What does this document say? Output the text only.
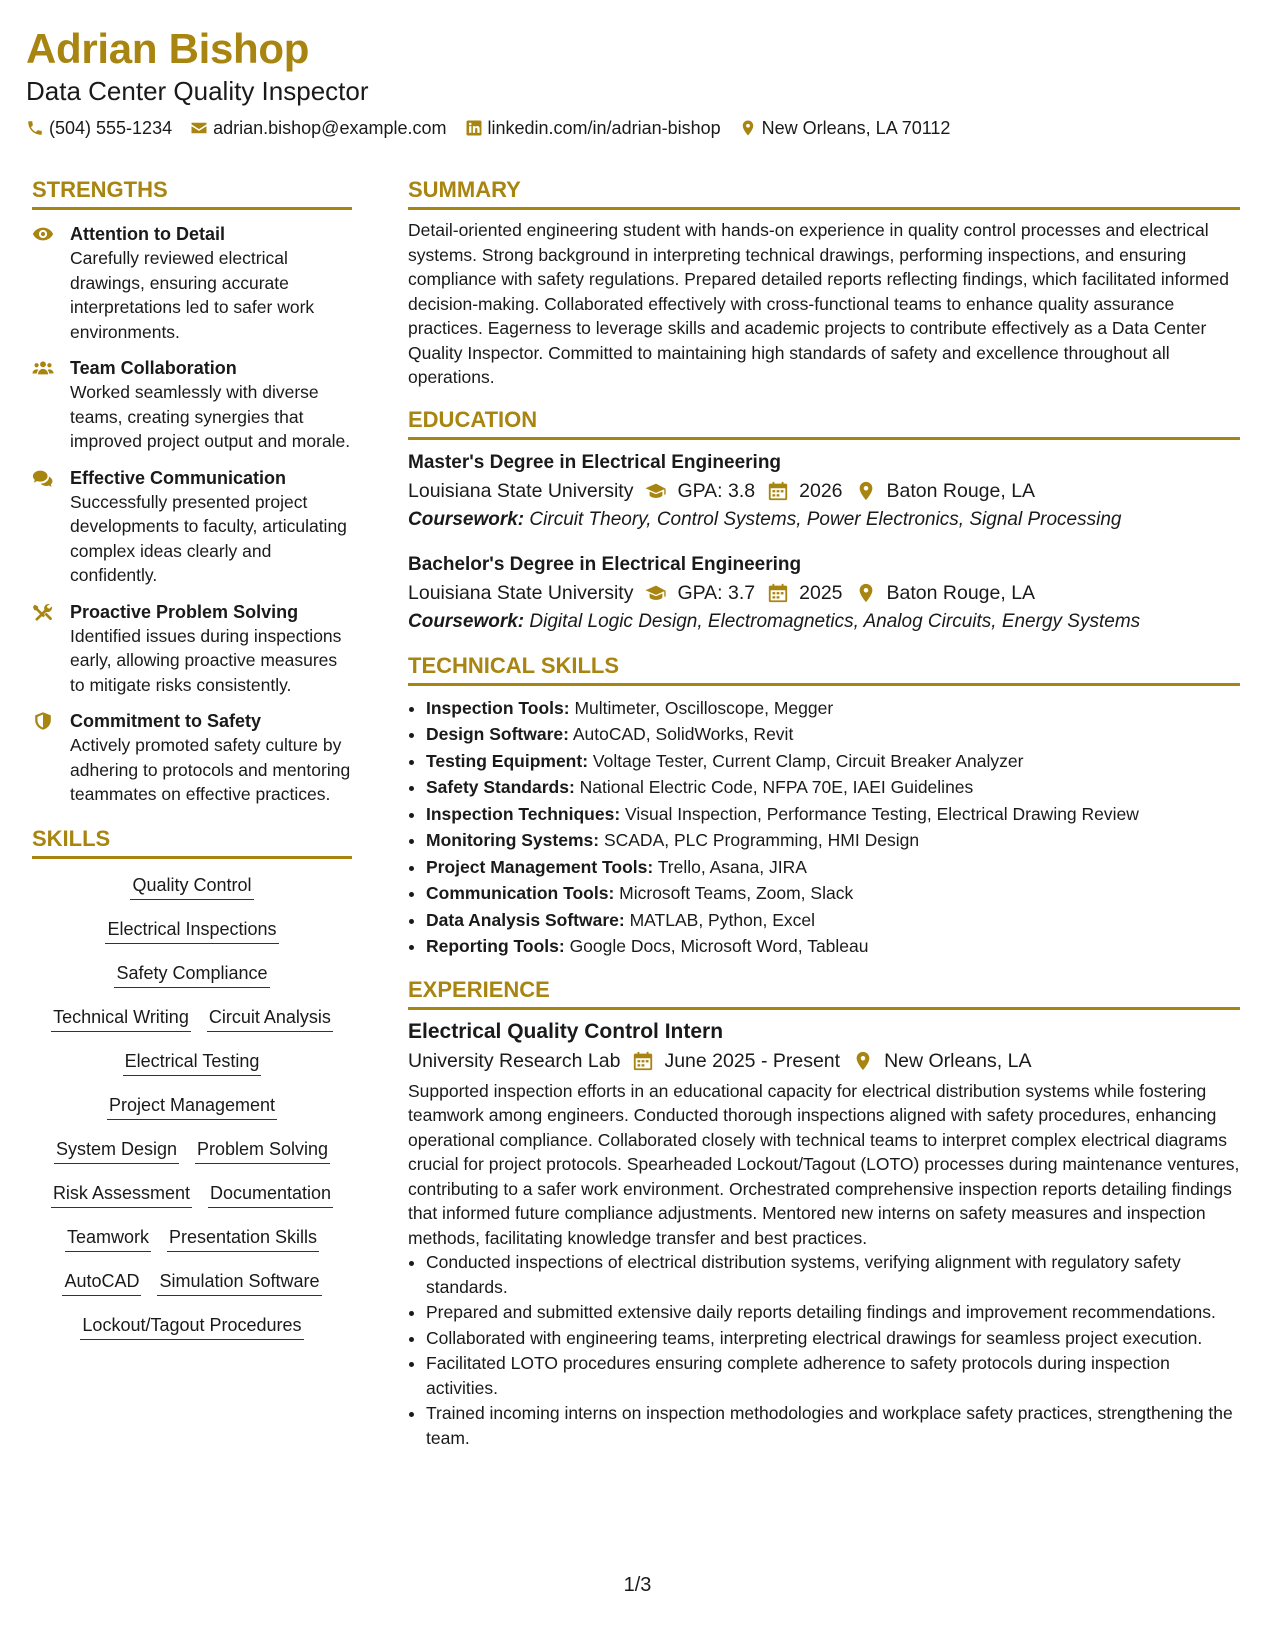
Adrian Bishop
Data Center Quality Inspector
(504) 555-1234 adrian.bishop@example.com linkedin.com/in/adrian-bishop New Orleans, LA 70112
STRENGTHS
Attention to Detail
Carefully reviewed electrical drawings, ensuring accurate interpretations led to safer work environments.
Team Collaboration
Worked seamlessly with diverse teams, creating synergies that improved project output and morale.
Effective Communication
Successfully presented project developments to faculty, articulating complex ideas clearly and confidently.
Proactive Problem Solving
Identified issues during inspections early, allowing proactive measures to mitigate risks consistently.
Commitment to Safety
Actively promoted safety culture by adhering to protocols and mentoring teammates on effective practices.
SKILLS
Quality Control
Electrical Inspections
Safety Compliance
Technical Writing Circuit Analysis
Electrical Testing
Project Management
System Design Problem Solving
Risk Assessment Documentation
Teamwork Presentation Skills
AutoCAD Simulation Software
Lockout/Tagout Procedures
SUMMARY
Detail-oriented engineering student with hands-on experience in quality control processes and electrical systems. Strong background in interpreting technical drawings, performing inspections, and ensuring compliance with safety regulations. Prepared detailed reports reflecting findings, which facilitated informed decision-making. Collaborated effectively with cross-functional teams to enhance quality assurance practices. Eagerness to leverage skills and academic projects to contribute effectively as a Data Center Quality Inspector. Committed to maintaining high standards of safety and excellence throughout all operations.
EDUCATION
Master's Degree in Electrical Engineering
Louisiana State University GPA: 3.8 2026 Baton Rouge, LA
Coursework: Circuit Theory, Control Systems, Power Electronics, Signal Processing
Bachelor's Degree in Electrical Engineering
Louisiana State University GPA: 3.7 2025 Baton Rouge, LA
Coursework: Digital Logic Design, Electromagnetics, Analog Circuits, Energy Systems
TECHNICAL SKILLS
• Inspection Tools: Multimeter, Oscilloscope, Megger
• Design Software: AutoCAD, SolidWorks, Revit
• Testing Equipment: Voltage Tester, Current Clamp, Circuit Breaker Analyzer
• Safety Standards: National Electric Code, NFPA 70E, IAEI Guidelines
• Inspection Techniques: Visual Inspection, Performance Testing, Electrical Drawing Review
• Monitoring Systems: SCADA, PLC Programming, HMI Design
• Project Management Tools: Trello, Asana, JIRA
• Communication Tools: Microsoft Teams, Zoom, Slack
• Data Analysis Software: MATLAB, Python, Excel
• Reporting Tools: Google Docs, Microsoft Word, Tableau
EXPERIENCE
Electrical Quality Control Intern
University Research Lab June 2025 - Present New Orleans, LA
Supported inspection efforts in an educational capacity for electrical distribution systems while fostering teamwork among engineers. Conducted thorough inspections aligned with safety procedures, enhancing operational compliance. Collaborated closely with technical teams to interpret complex electrical diagrams crucial for project protocols. Spearheaded Lockout/Tagout (LOTO) processes during maintenance ventures, contributing to a safer work environment. Orchestrated comprehensive inspection reports detailing findings that informed future compliance adjustments. Mentored new interns on safety measures and inspection methods, facilitating knowledge transfer and best practices.
• Conducted inspections of electrical distribution systems, verifying alignment with regulatory safety standards.
• Prepared and submitted extensive daily reports detailing findings and improvement recommendations.
• Collaborated with engineering teams, interpreting electrical drawings for seamless project execution.
• Facilitated LOTO procedures ensuring complete adherence to safety protocols during inspection activities.
• Trained incoming interns on inspection methodologies and workplace safety practices, strengthening the team.
1/3
